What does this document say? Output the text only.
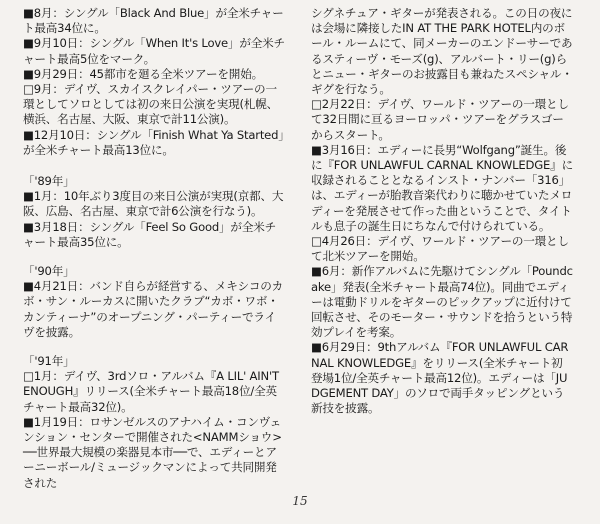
■8月：シングル「Black And Blue」が全米チャート最高34位に。

■9月10日：シングル「When It's Love」が全米チャート最高5位をマーク。

■9月29日：45都市を廻る全米ツアーを開始。

□9月：デイヴ、スカイスクレイパー・ツアーの一環としてソロとしては初の来日公演を実現(札幌、横浜、名古屋、大阪、東京で計11公演)。

■12月10日：シングル「Finish What Ya Started」が全米チャート最高13位に。

「'89年」

■1月：10年ぶり3度目の来日公演が実現(京都、大阪、広島、名古屋、東京で計6公演を行なう)。

■3月18日：シングル「Feel So Good」が全米チャート最高35位に。

「'90年」

■4月21日：バンド自らが経営する、メキシコのカボ・サン・ルーカスに開いたクラブ“カボ・ワボ・カンティーナ”のオープニング・パーティーでライヴを披露。

「'91年」

□1月：デイヴ、3rdソロ・アルバム『A LIL' AIN'T ENOUGH』リリース(全米チャート最高18位/全英チャート最高32位)。

■1月19日：ロサンゼルスのアナハイム・コンヴェンション・センターで開催された<NAMMショウ>──世界最大規模の楽器見本市──で、エディーとアーニーボール/ミュージックマンによって共同開発された

シグネチュア・ギターが発表される。この日の夜には会場に隣接したIN AT THE PARK HOTEL内のボール・ルームにて、同メーカーのエンドーサーであるスティーヴ・モーズ(g)、アルバート・リー(g)らとニュー・ギターのお披露目も兼ねたスペシャル・ギグを行なう。

□2月22日：デイヴ、ワールド・ツアーの一環として32日間に亘るヨーロッパ・ツアーをグラスゴーからスタート。

■3月16日：エディーに長男“Wolfgang”誕生。後に『FOR UNLAWFUL CARNAL KNOWLEDGE』に収録されることとなるインスト・ナンバー「316」は、エディーが胎教音楽代わりに聴かせていたメロディーを発展させて作った曲ということで、タイトルも息子の誕生日にちなんで付けられている。

□4月26日：デイヴ、ワールド・ツアーの一環として北米ツアーを開始。

■6月：新作アルバムに先駆けてシングル「Poundcake」発表(全米チャート最高74位)。同曲でエディーは電動ドリルをギターのピックアップに近付けて回転させ、そのモーター・サウンドを拾うという特効プレイを考案。

■6月29日：9thアルバム『FOR UNLAWFUL CARNAL KNOWLEDGE』をリリース(全米チャート初登場1位/全英チャート最高12位)。エディーは「JUDGEMENT DAY」のソロで両手タッピングという新技を披露。

15
